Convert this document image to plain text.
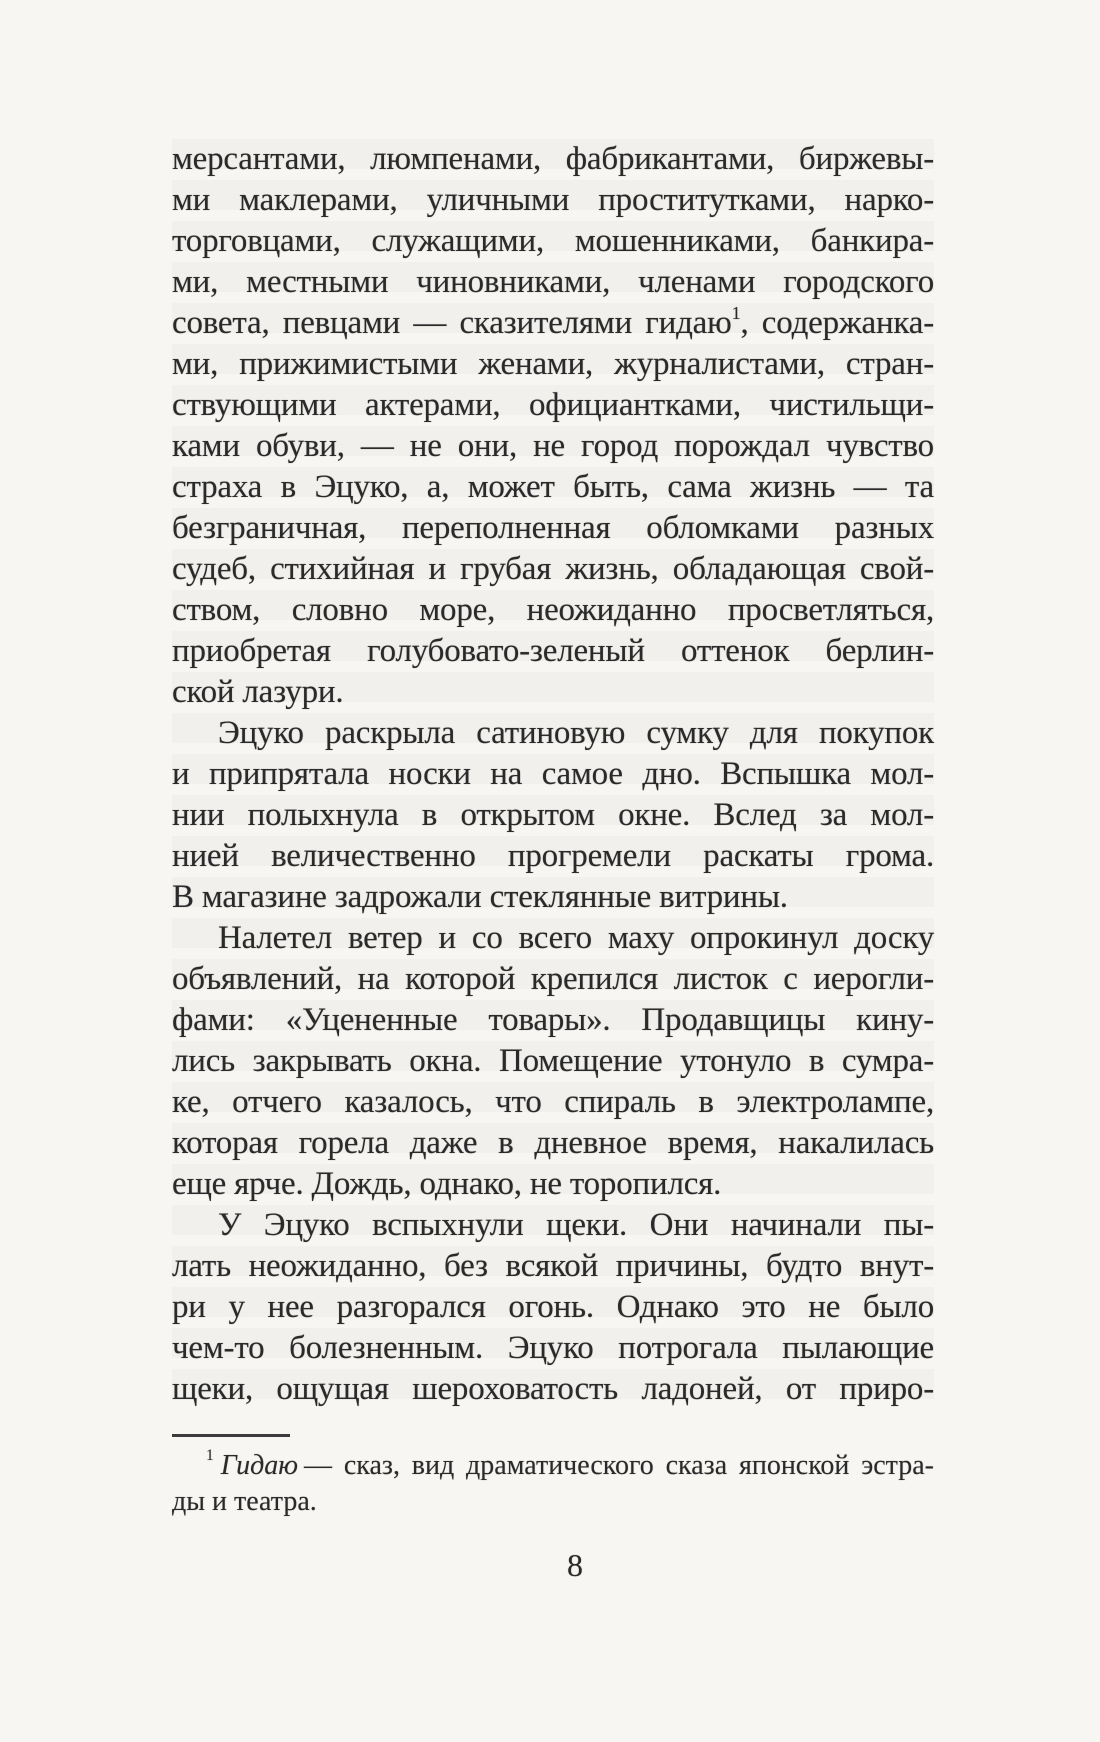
мерсантами, люмпенами, фабрикантами, биржевы-
ми маклерами, уличными проститутками, нарко-
торговцами, служащими, мошенниками, банкира-
ми, местными чиновниками, членами городского
совета, певцами — сказителями гидаю$^1$, содержанка-
ми, прижимистыми женами, журналистами, стран-
ствующими актерами, официантками, чистильщи-
ками обуви, — не они, не город порождал чувство
страха в Эцуко, а, может быть, сама жизнь — та
безграничная, переполненная обломками разных
судеб, стихийная и грубая жизнь, обладающая свой-
ством, словно море, неожиданно просветляться,
приобретая голубовато-зеленый оттенок берлин-
ской лазури.
Эцуко раскрыла сатиновую сумку для покупок
и припрятала носки на самое дно. Вспышка мол-
нии полыхнула в открытом окне. Вслед за мол-
нией величественно прогремели раскаты грома.
В магазине задрожали стеклянные витрины.
Налетел ветер и со всего маху опрокинул доску
объявлений, на которой крепился листок с иерогли-
фами: «Уцененные товары». Продавщицы кину-
лись закрывать окна. Помещение утонуло в сумра-
ке, отчего казалось, что спираль в электролампе,
которая горела даже в дневное время, накалилась
еще ярче. Дождь, однако, не торопился.
У Эцуко вспыхнули щеки. Они начинали пы-
лать неожиданно, без всякой причины, будто внут-
ри у нее разгорался огонь. Однако это не было
чем-то болезненным. Эцуко потрогала пылающие
щеки, ощущая шероховатость ладоней, от приро-
$^1$ Гидаю — сказ, вид драматического сказа японской эстра-
ды и театра.
8
